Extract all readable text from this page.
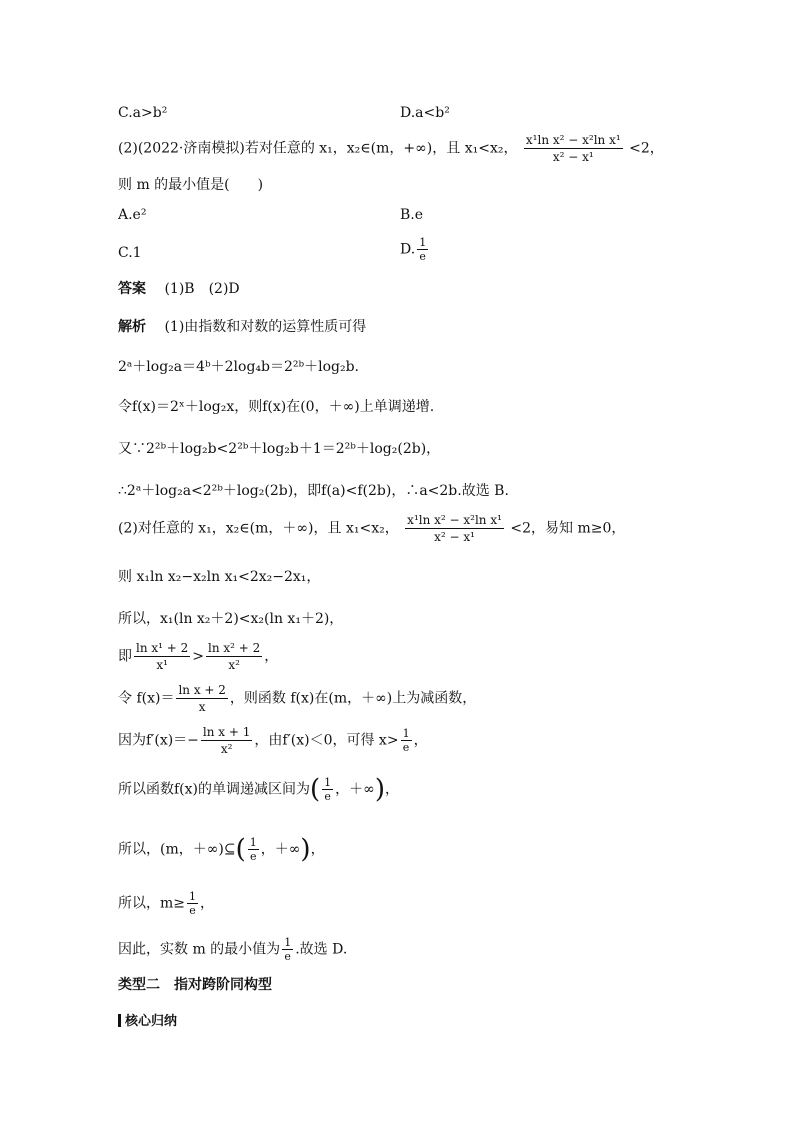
C.a>b²	D.a<b²
(2)(2022·济南模拟)若对任意的 x₁，x₂∈(m，+∞)，且 x₁<x₂， $\frac{\text{x¹ln x² − x²ln x¹}}{\text{x² − x¹}} <2$，
则 m 的最小值是(　　)
A.e²	B.e
C.1	D. $\frac{1}{e}$
答案　 (1)B　(2)D
解析　 (1)由指数和对数的运算性质可得
2ᵃ＋log₂a＝4ᵇ＋2log₄b＝2²ᵇ＋log₂b.
令f(x)＝2ˣ＋log₂x，则f(x)在(0，＋∞)上单调递增.
又∵2²ᵇ＋log₂b<2²ᵇ＋log₂b＋1＝2²ᵇ＋log₂(2b)，
∴2ᵃ＋log₂a<2²ᵇ＋log₂(2b)，即f(a)<f(2b)，∴a<2b.故选 B.
(2)对任意的 x₁，x₂∈(m，＋∞)，且 x₁<x₂， $\frac{\text{x¹ln x² − x²ln x¹}}{\text{x² − x¹}} <2$，易知 m≥0，
则 x₁ln x₂−x₂ln x₁<2x₂−2x₁，
所以，x₁(ln x₂＋2)<x₂(ln x₁＋2)，
即 $\frac{\text{ln x¹ + 2}}{\text{x¹}} > \frac{\text{ln x² + 2}}{\text{x²}}$ ，
令 $f(x)= \frac{\text{ln x + 2}}{x}$ ，则函数 f(x)在(m，＋∞)上为减函数，
因为$f'(x)=- \frac{\text{ln x + 1}}{\text{x²}}$ ，由f′(x)＜0，可得 $x> \frac{1}{e}$ ，
所以函数f(x)的单调递减区间为( $\frac{1}{e}$ ，＋∞)，
所以，(m，＋∞)⊆( $\frac{1}{e}$ ，＋∞)，
所以，$m\ge \frac{1}{e}$ ，
因此，实数 m 的最小值为 $\frac{1}{e}$ .故选 D.
类型二　指对跨阶同构型
核心归纳
